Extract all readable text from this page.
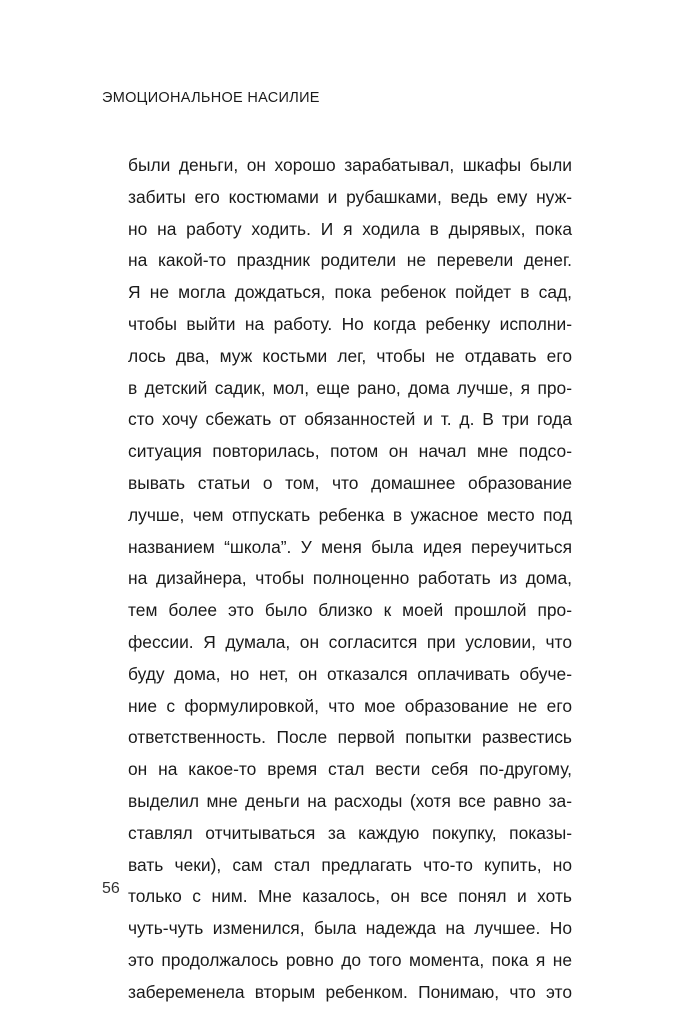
ЭМОЦИОНАЛЬНОЕ НАСИЛИЕ
были деньги, он хорошо зарабатывал, шкафы были
забиты его костюмами и рубашками, ведь ему нуж-
но на работу ходить. И я ходила в дырявых, пока
на какой-то праздник родители не перевели денег.
Я не могла дождаться, пока ребенок пойдет в сад,
чтобы выйти на работу. Но когда ребенку исполни-
лось два, муж костьми лег, чтобы не отдавать его
в детский садик, мол, еще рано, дома лучше, я про-
сто хочу сбежать от обязанностей и т. д. В три года
ситуация повторилась, потом он начал мне подсо-
вывать статьи о том, что домашнее образование
лучше, чем отпускать ребенка в ужасное место под
названием “школа”. У меня была идея переучиться
на дизайнера, чтобы полноценно работать из дома,
тем более это было близко к моей прошлой про-
фессии. Я думала, он согласится при условии, что
буду дома, но нет, он отказался оплачивать обуче-
ние с формулировкой, что мое образование не его
ответственность. После первой попытки развестись
он на какое-то время стал вести себя по-другому,
выделил мне деньги на расходы (хотя все равно за-
ставлял отчитываться за каждую покупку, показы-
вать чеки), сам стал предлагать что-то купить, но
только с ним. Мне казалось, он все понял и хоть
чуть-чуть изменился, была надежда на лучшее. Но
это продолжалось ровно до того момента, пока я не
забеременела вторым ребенком. Понимаю, что это
56
